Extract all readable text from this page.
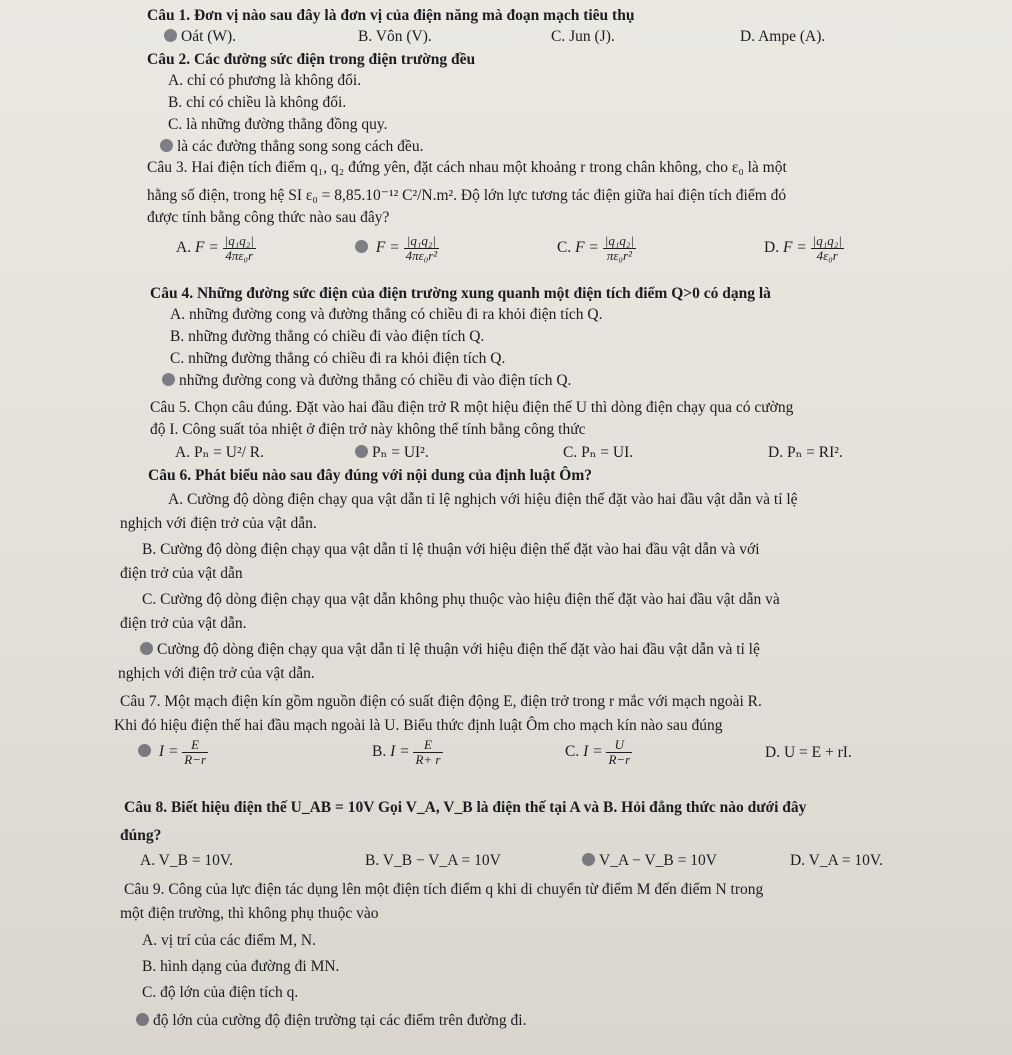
Câu 1. Đơn vị nào sau đây là đơn vị của điện năng mà đoạn mạch tiêu thụ
Oát (W).	B. Vôn (V).	C. Jun (J).	D. Ampe (A).
Câu 2. Các đường sức điện trong điện trường đều
A. chỉ có phương là không đổi.
B. chỉ có chiều là không đổi.
C. là những đường thẳng đồng quy.
là các đường thẳng song song cách đều.
Câu 3. Hai điện tích điểm q₁, q₂ đứng yên, đặt cách nhau một khoảng r trong chân không, cho ε₀ là một
hằng số điện, trong hệ SI ε₀ = 8,85.10⁻¹² C²/N.m². Độ lớn lực tương tác điện giữa hai điện tích điểm đó
được tính bằng công thức nào sau đây?
A. $F = \frac{\text{|q₁q₂|}}{\text{4πε₀r}}$	$F = \frac{\text{|q₁q₂|}}{\text{4πε₀r²}}$	C. $F = \frac{\text{|q₁q₂|}}{\text{πε₀r²}}$	D. $F = \frac{\text{|q₁q₂|}}{\text{4ε₀r}}$
Câu 4. Những đường sức điện của điện trường xung quanh một điện tích điểm Q>0 có dạng là
A. những đường cong và đường thẳng có chiều đi ra khỏi điện tích Q.
B. những đường thẳng có chiều đi vào điện tích Q.
C. những đường thẳng có chiều đi ra khỏi điện tích Q.
những đường cong và đường thẳng có chiều đi vào điện tích Q.
Câu 5. Chọn câu đúng. Đặt vào hai đầu điện trở R một hiệu điện thế U thì dòng điện chạy qua có cường
độ I. Công suất tỏa nhiệt ở điện trở này không thể tính bằng công thức
A. Pₙ = U²/ R.	Pₙ = UI².	C. Pₙ = UI.	D. Pₙ = RI².
Câu 6. Phát biểu nào sau đây đúng với nội dung của định luật Ôm?
A. Cường độ dòng điện chạy qua vật dẫn tỉ lệ nghịch với hiệu điện thế đặt vào hai đầu vật dẫn và tỉ lệ
nghịch với điện trở của vật dẫn.
B. Cường độ dòng điện chạy qua vật dẫn tỉ lệ thuận với hiệu điện thế đặt vào hai đầu vật dẫn và với
điện trở của vật dẫn
C. Cường độ dòng điện chạy qua vật dẫn không phụ thuộc vào hiệu điện thế đặt vào hai đầu vật dẫn và
điện trở của vật dẫn.
Cường độ dòng điện chạy qua vật dẫn tỉ lệ thuận với hiệu điện thế đặt vào hai đầu vật dẫn và tỉ lệ
nghịch với điện trở của vật dẫn.
Câu 7. Một mạch điện kín gồm nguồn điện có suất điện động E, điện trở trong r mắc với mạch ngoài R.
Khi đó hiệu điện thế hai đầu mạch ngoài là U. Biểu thức định luật Ôm cho mạch kín nào sau đúng
$I = \frac{E}{R-r}$	B. $I = \frac{E}{R+ r}$	C. $I = \frac{U}{R-r}$	D. U = E + rI.
Câu 8. Biết hiệu điện thế U_AB = 10V Gọi V_A, V_B là điện thế tại A và B. Hỏi đẳng thức nào dưới đây
đúng?
A. V_B = 10V.	B. V_B − V_A = 10V	V_A − V_B = 10V	D. V_A = 10V.
Câu 9. Công của lực điện tác dụng lên một điện tích điểm q khi di chuyển từ điểm M đến điểm N trong
một điện trường, thì không phụ thuộc vào
A. vị trí của các điểm M, N.
B. hình dạng của đường đi MN.
C. độ lớn của điện tích q.
độ lớn của cường độ điện trường tại các điểm trên đường đi.
